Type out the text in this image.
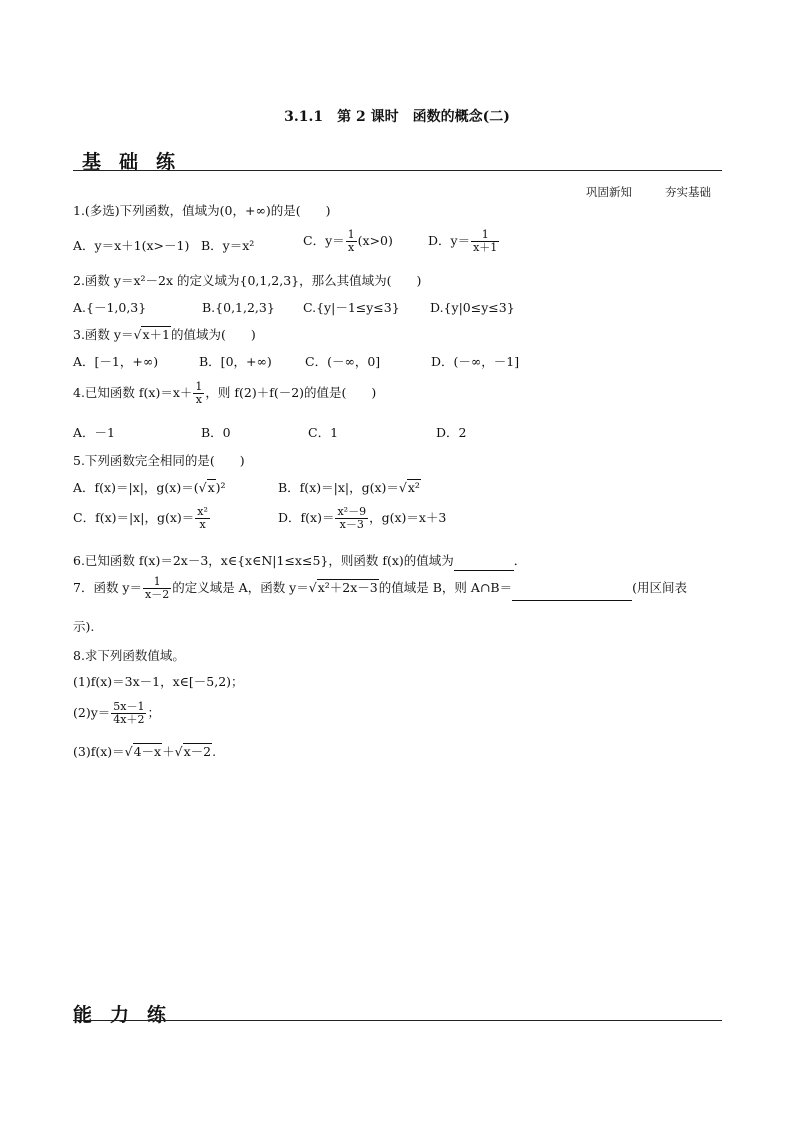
3.1.1　第 2 课时　函数的概念(二)
基础练
巩固新知	夯实基础
1.(多选)下列函数，值域为(0，+∞)的是(　　)
A．y＝x＋1(x>－1) B．y＝x²	C．$y= \frac{1}{x} (x>0)$	D．$y= \frac{1}{x+1}$
2.函数 y＝x²－2x 的定义域为{0,1,2,3}，那么其值域为(　　)
A.{－1,0,3}	B.{0,1,2,3} C.{y|－1≤y≤3} D.{y|0≤y≤3}
3.函数 y＝√x＋1的值域为(　　)
A．[－1，+∞)	B．[0，+∞)	C．(－∞，0]	D．(－∞，－1]
4.已知函数 $f(x)=x+ \frac{1}{x}$ ，则 f(2)＋f(－2)的值是(　　)
A．－1	B．0	C．1	D．2
5.下列函数完全相同的是(　　)
A．f(x)＝|x|，g(x)＝(√x)²	B．f(x)＝|x|，g(x)＝√x²
C．f(x)＝|x|，$g(x)= \frac{\text{x²}}{x}$	D．$f(x)= \frac{\text{x²－9}}{x-3}$ ，g(x)＝x＋3
6.已知函数 f(x)＝2x－3，x∈{x∈N|1≤x≤5}，则函数 f(x)的值域为	．
7．函数 $y= \frac{1}{x-2}$ 的定义域是 A，函数 y＝√x²＋2x－3的值域是 B，则 A∩B＝	(用区间表
示).
8.求下列函数值域。
(1)f(x)＝3x－1，x∈[－5,2)；
$(2)y= \frac{5x-1}{4x+2}$ ；
(3)f(x)＝√4－x＋√x－2.
能力练
